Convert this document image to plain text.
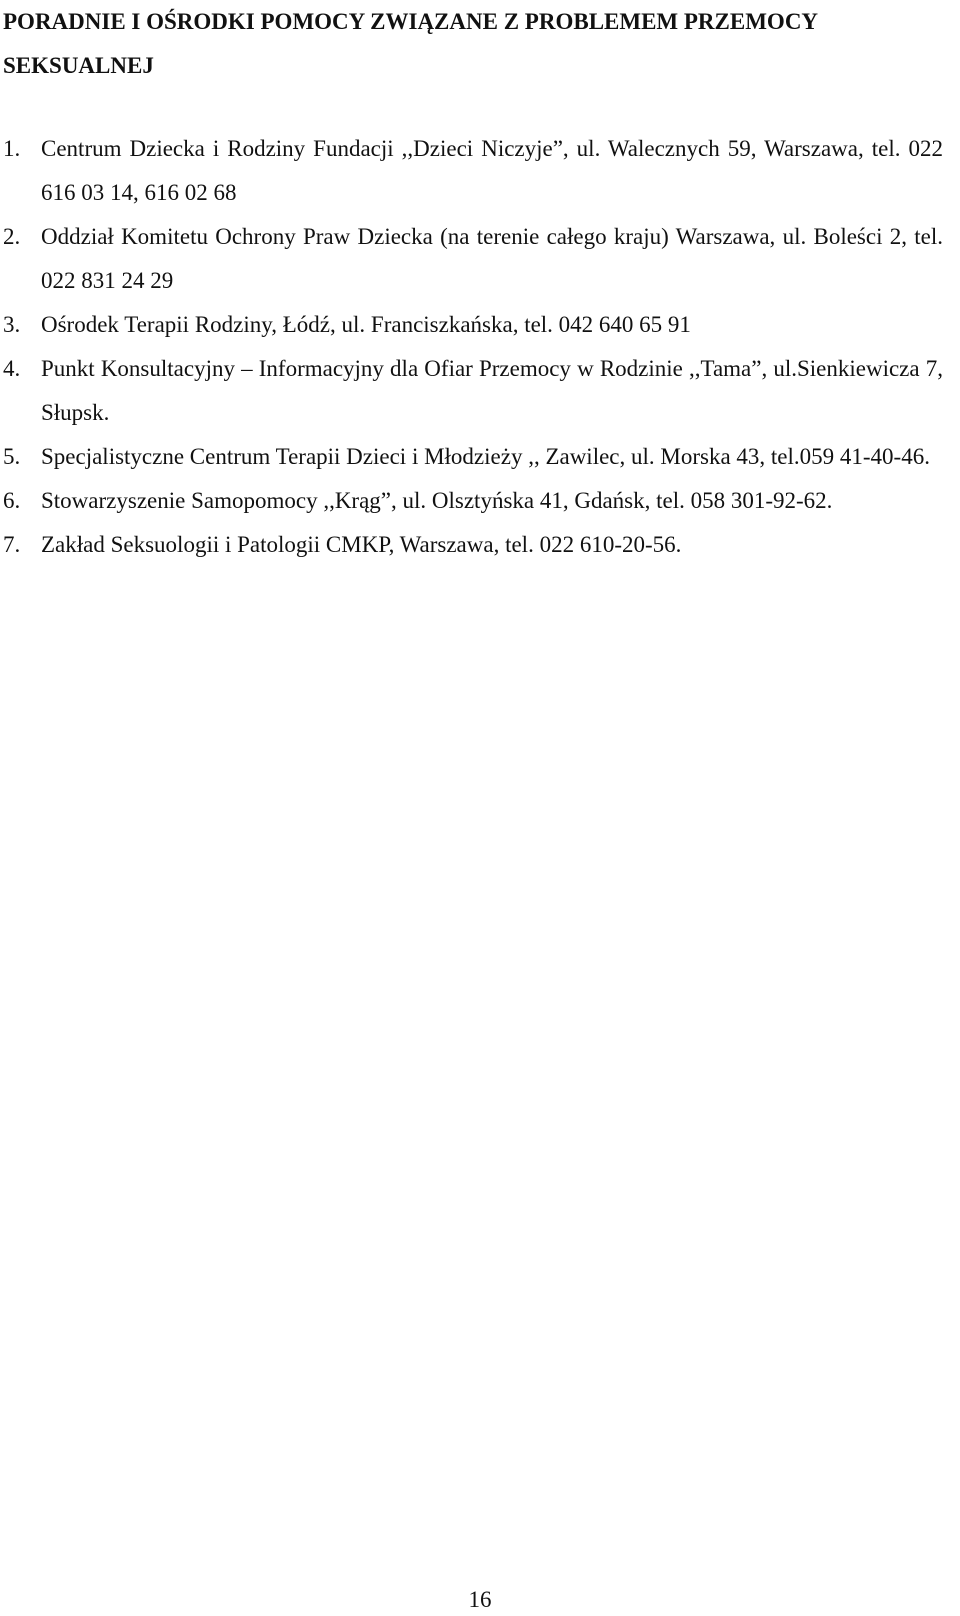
PORADNIE I OŚRODKI POMOCY ZWIĄZANE Z PROBLEMEM PRZEMOCY SEKSUALNEJ
1. Centrum Dziecka i Rodziny Fundacji ,,Dzieci Niczyje”, ul. Walecznych 59, Warszawa, tel. 022 616 03 14, 616 02 68
2. Oddział Komitetu Ochrony Praw Dziecka (na terenie całego kraju) Warszawa, ul. Boleści 2, tel. 022 831 24 29
3. Ośrodek Terapii Rodziny, Łódź, ul. Franciszkańska, tel. 042 640 65 91
4. Punkt Konsultacyjny – Informacyjny dla Ofiar Przemocy w Rodzinie ,,Tama”, ul.Sienkiewicza 7, Słupsk.
5. Specjalistyczne Centrum Terapii Dzieci i Młodzieży ,, Zawilec, ul. Morska 43, tel.059 41-40-46.
6. Stowarzyszenie Samopomocy ,,Krąg”, ul. Olsztyńska 41, Gdańsk, tel. 058 301-92-62.
7. Zakład Seksuologii i Patologii CMKP, Warszawa, tel. 022 610-20-56.
16
